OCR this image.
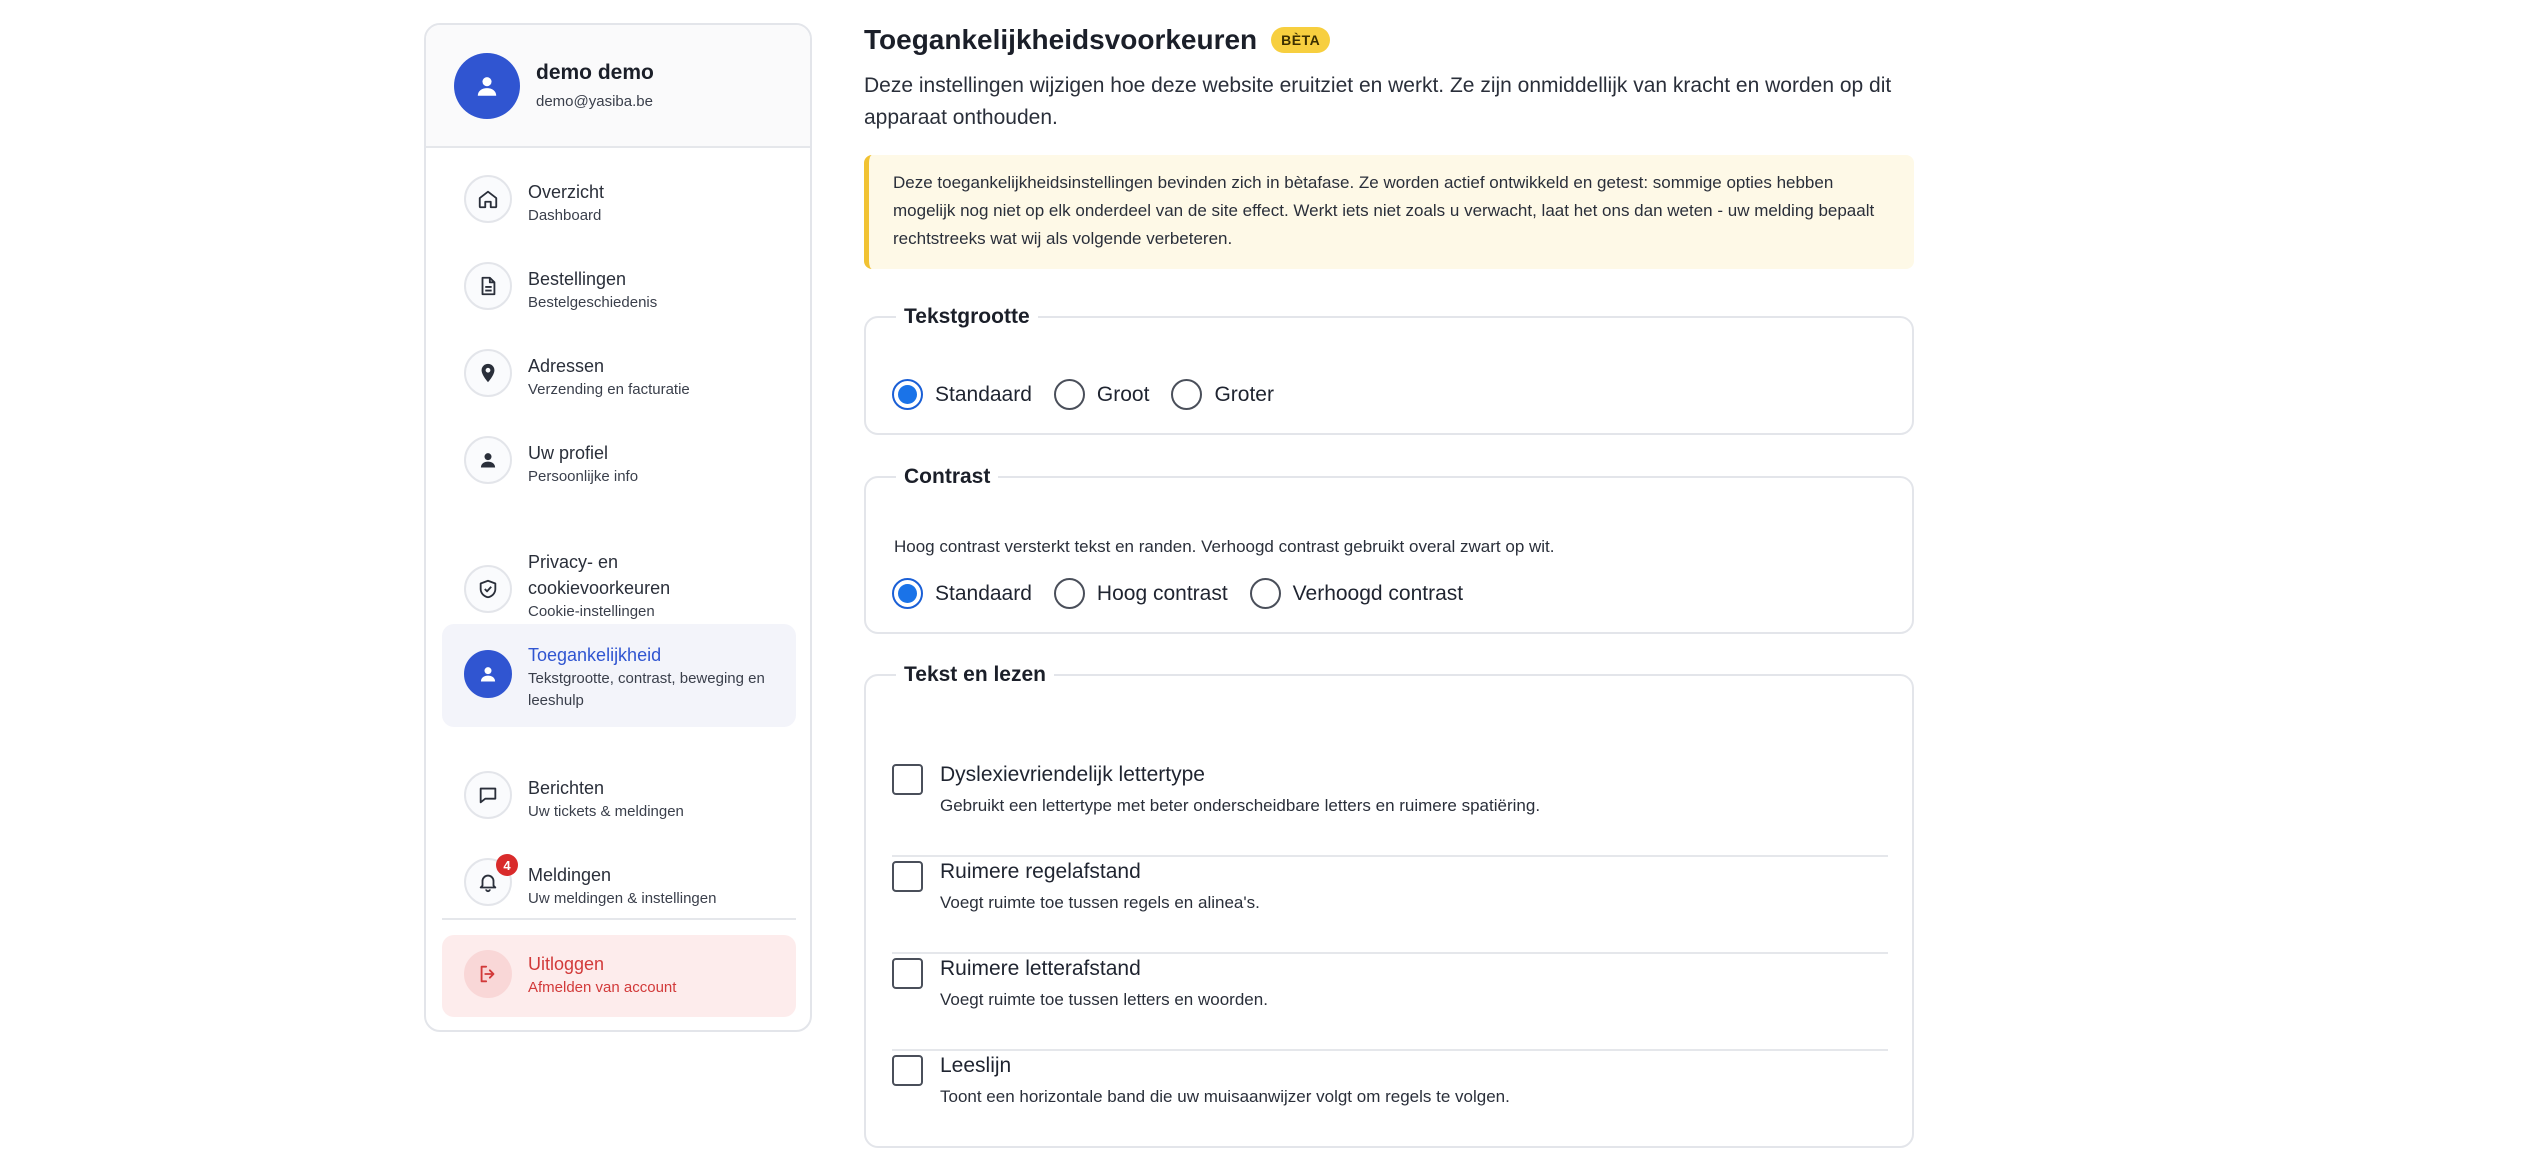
demo demo
demo@yasiba.be
Overzicht
Dashboard
Bestellingen
Bestelgeschiedenis
Adressen
Verzending en facturatie
Uw profiel
Persoonlijke info
Privacy- en cookievoorkeuren
Cookie-instellingen
Toegankelijkheid
Tekstgrootte, contrast, beweging en leeshulp
Berichten
Uw tickets & meldingen
4 Meldingen
Uw meldingen & instellingen
Uitloggen
Afmelden van account
Toegankelijkheidsvoorkeuren	BÈTA

Deze instellingen wijzigen hoe deze website eruitziet en werkt. Ze zijn onmiddellijk van kracht en worden op dit apparaat onthouden.

Deze toegankelijkheidsinstellingen bevinden zich in bètafase. Ze worden actief ontwikkeld en getest: sommige opties hebben mogelijk nog niet op elk onderdeel van de site effect. Werkt iets niet zoals u verwacht, laat het ons dan weten - uw melding bepaalt rechtstreeks wat wij als volgende verbeteren.
Tekstgrootte
Standaard	Groot	Groter
Contrast
Hoog contrast versterkt tekst en randen. Verhoogd contrast gebruikt overal zwart op wit.
Standaard	Hoog contrast	Verhoogd contrast
Tekst en lezen
Dyslexievriendelijk lettertype
Gebruikt een lettertype met beter onderscheidbare letters en ruimere spatiëring.
Ruimere regelafstand
Voegt ruimte toe tussen regels en alinea's.
Ruimere letterafstand
Voegt ruimte toe tussen letters en woorden.
Leeslijn
Toont een horizontale band die uw muisaanwijzer volgt om regels te volgen.
